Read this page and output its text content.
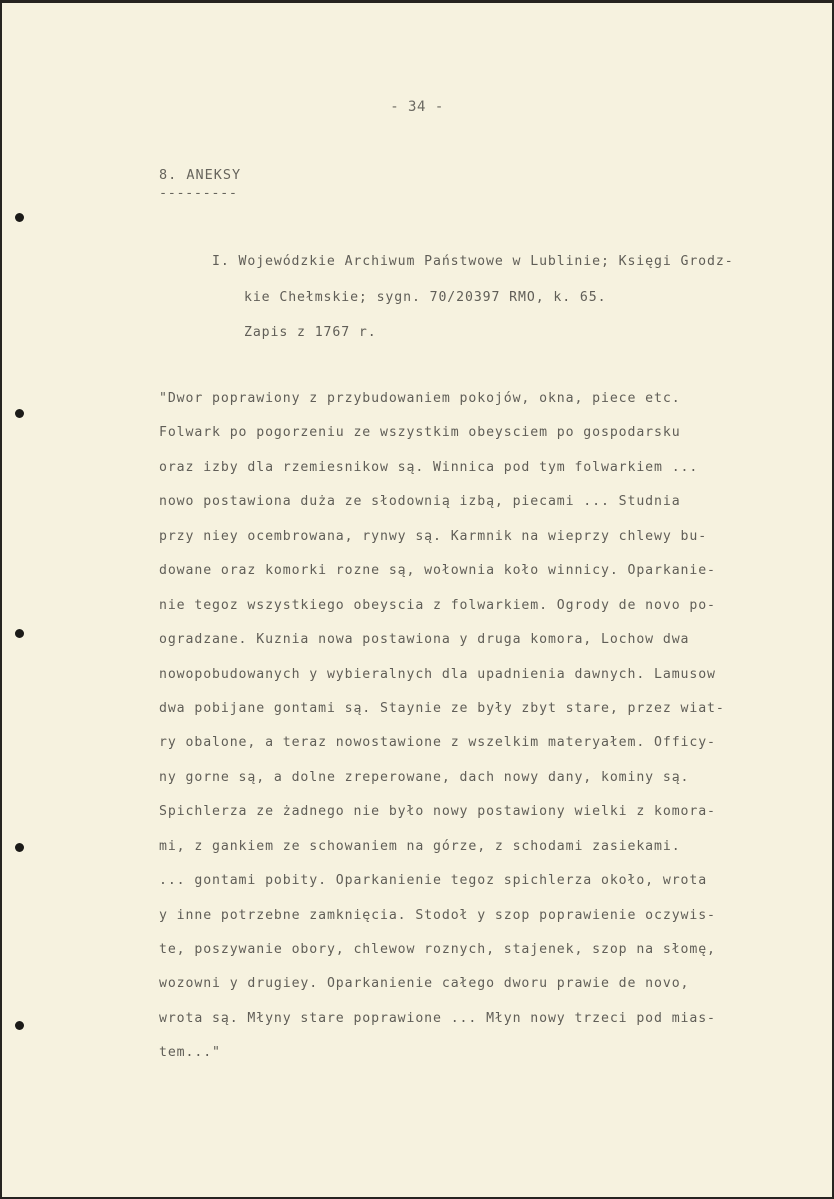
- 34 -
8. ANEKSY
---------
I. Wojewódzkie Archiwum Państwowe w Lublinie; Księgi Grodz-
kie Chełmskie; sygn. 70/20397 RMO, k. 65.
Zapis z 1767 r.
"Dwor poprawiony z przybudowaniem pokojów, okna, piece etc.
Folwark po pogorzeniu ze wszystkim obeysciem po gospodarsku
oraz izby dla rzemiesnikow są. Winnica pod tym folwarkiem ...
nowo postawiona duża ze słodownią izbą, piecami ... Studnia
przy niey ocembrowana, rynwy są. Karmnik na wieprzy chlewy bu-
dowane oraz komorki rozne są, wołownia koło winnicy. Oparkanie-
nie tegoz wszystkiego obeyscia z folwarkiem. Ogrody de novo po-
ogradzane. Kuznia nowa postawiona y druga komora, Lochow dwa
nowopobudowanych y wybieralnych dla upadnienia dawnych. Lamusow
dwa pobijane gontami są. Staynie ze były zbyt stare, przez wiat-
ry obalone, a teraz nowostawione z wszelkim materyałem. Officy-
ny gorne są, a dolne zreperowane, dach nowy dany, kominy są.
Spichlerza ze żadnego nie było nowy postawiony wielki z komora-
mi, z gankiem ze schowaniem na górze, z schodami zasiekami.
... gontami pobity. Oparkanienie tegoz spichlerza około, wrota
y inne potrzebne zamknięcia. Stodoł y szop poprawienie oczywis-
te, poszywanie obory, chlewow roznych, stajenek, szop na słomę,
wozowni y drugiey. Oparkanienie całego dworu prawie de novo,
wrota są. Młyny stare poprawione ... Młyn nowy trzeci pod mias-
tem..."
